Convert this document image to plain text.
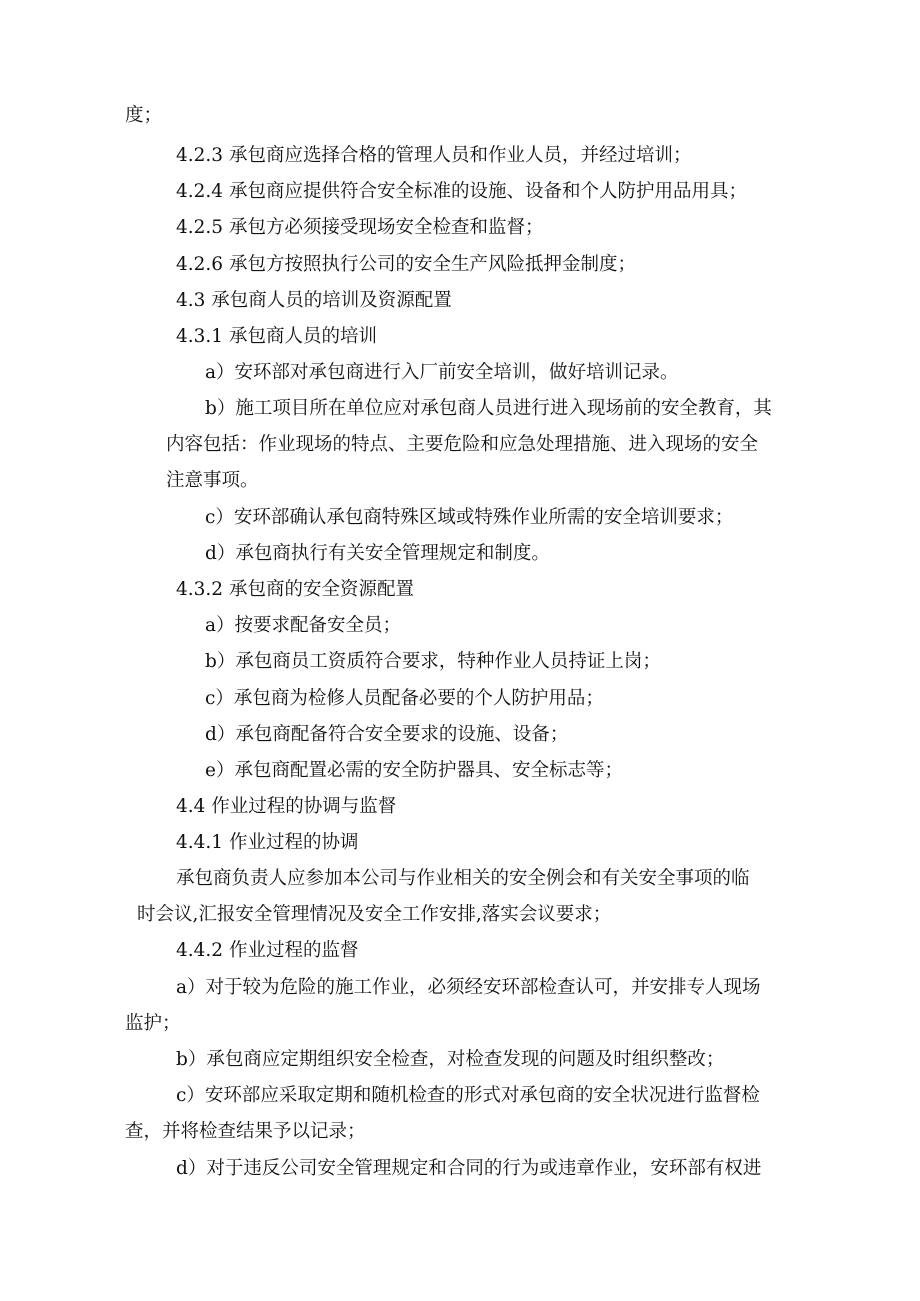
度；
4.2.3 承包商应选择合格的管理人员和作业人员，并经过培训；
4.2.4 承包商应提供符合安全标准的设施、设备和个人防护用品用具；
4.2.5 承包方必须接受现场安全检查和监督；
4.2.6 承包方按照执行公司的安全生产风险抵押金制度；
4.3 承包商人员的培训及资源配置
4.3.1 承包商人员的培训
a）安环部对承包商进行入厂前安全培训，做好培训记录。
b）施工项目所在单位应对承包商人员进行进入现场前的安全教育，其
内容包括：作业现场的特点、主要危险和应急处理措施、进入现场的安全
注意事项。
c）安环部确认承包商特殊区域或特殊作业所需的安全培训要求；
d）承包商执行有关安全管理规定和制度。
4.3.2 承包商的安全资源配置
a）按要求配备安全员；
b）承包商员工资质符合要求，特种作业人员持证上岗；
c）承包商为检修人员配备必要的个人防护用品；
d）承包商配备符合安全要求的设施、设备；
e）承包商配置必需的安全防护器具、安全标志等；
4.4 作业过程的协调与监督
4.4.1 作业过程的协调
承包商负责人应参加本公司与作业相关的安全例会和有关安全事项的临
时会议,汇报安全管理情况及安全工作安排,落实会议要求；
4.4.2 作业过程的监督
a）对于较为危险的施工作业，必须经安环部检查认可，并安排专人现场
监护；
b）承包商应定期组织安全检查，对检查发现的问题及时组织整改；
c）安环部应采取定期和随机检查的形式对承包商的安全状况进行监督检
查，并将检查结果予以记录；
d）对于违反公司安全管理规定和合同的行为或违章作业，安环部有权进
